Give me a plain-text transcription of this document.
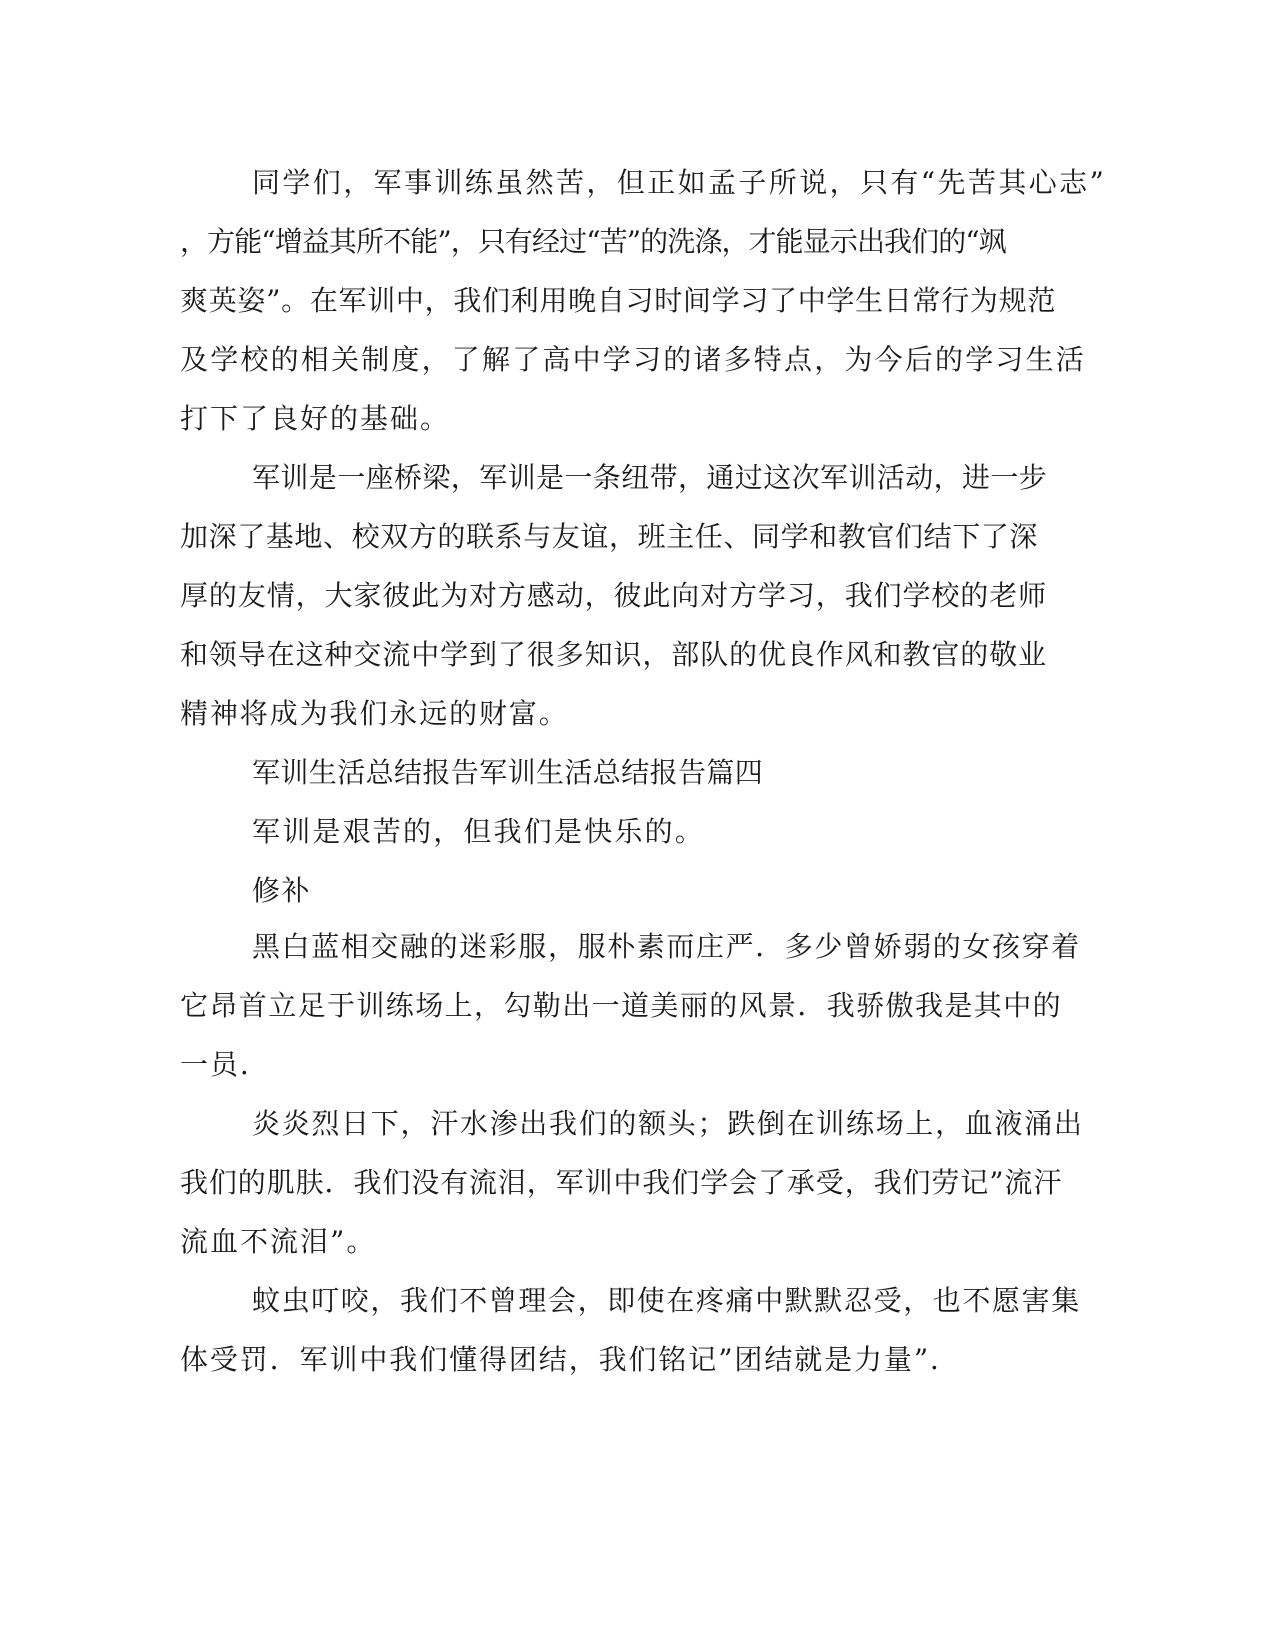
同学们，军事训练虽然苦，但正如孟子所说，只有“先苦其心志”
，方能“增益其所不能”，只有经过“苦”的洗涤，才能显示出我们的“飒
爽英姿”。在军训中，我们利用晚自习时间学习了中学生日常行为规范
及学校的相关制度，了解了高中学习的诸多特点，为今后的学习生活
打下了良好的基础。
军训是一座桥梁，军训是一条纽带，通过这次军训活动，进一步
加深了基地、校双方的联系与友谊，班主任、同学和教官们结下了深
厚的友情，大家彼此为对方感动，彼此向对方学习，我们学校的老师
和领导在这种交流中学到了很多知识，部队的优良作风和教官的敬业
精神将成为我们永远的财富。
军训生活总结报告军训生活总结报告篇四
军训是艰苦的，但我们是快乐的。
修补
黑白蓝相交融的迷彩服，服朴素而庄严．多少曾娇弱的女孩穿着
它昂首立足于训练场上，勾勒出一道美丽的风景．我骄傲我是其中的
一员．
炎炎烈日下，汗水渗出我们的额头；跌倒在训练场上，血液涌出
我们的肌肤．我们没有流泪，军训中我们学会了承受，我们劳记”流汗
流血不流泪”。
蚊虫叮咬，我们不曾理会，即使在疼痛中默默忍受，也不愿害集
体受罚．军训中我们懂得团结，我们铭记”团结就是力量”．
